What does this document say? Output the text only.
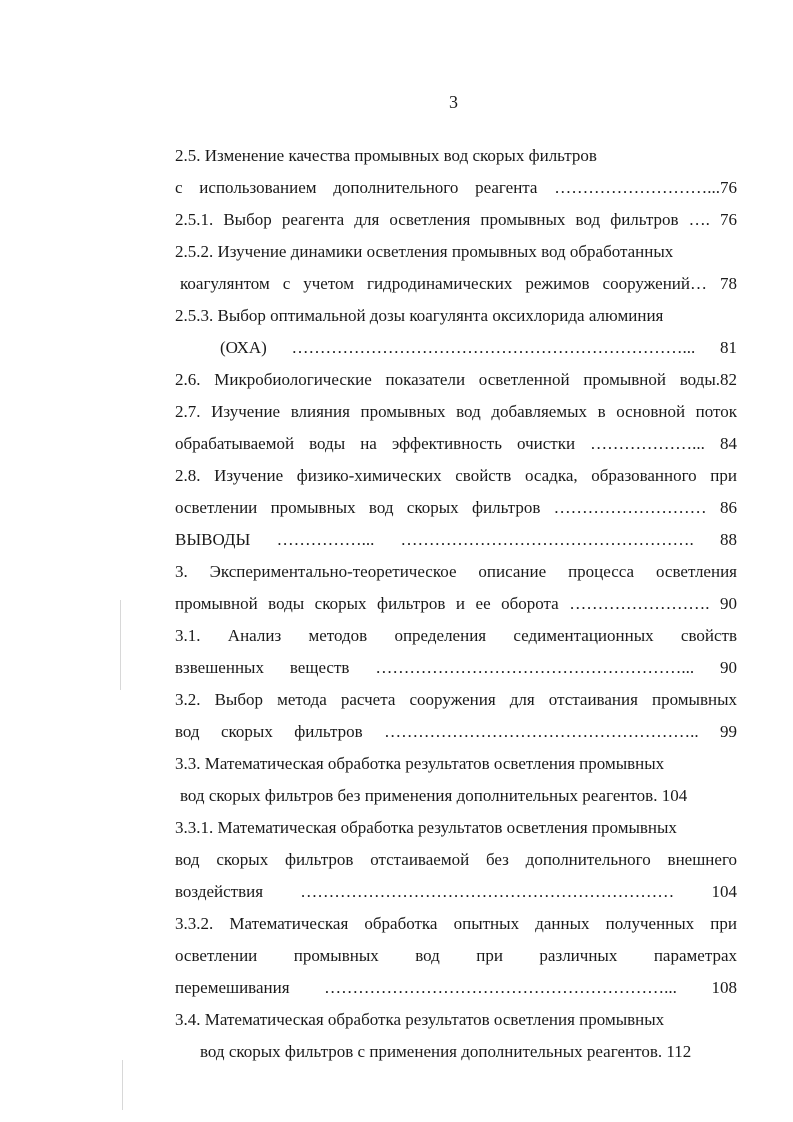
3
2.5. Изменение качества промывных вод скорых фильтров
с использованием дополнительного реагента ………………………...76
2.5.1. Выбор реагента для осветления промывных вод фильтров …. 76
2.5.2. Изучение динамики осветления промывных вод обработанных
коагулянтом с учетом гидродинамических режимов сооружений… 78
2.5.3. Выбор оптимальной дозы коагулянта оксихлорида алюминия
(ОХА) ……………………………………………………………... 81
2.6. Микробиологические показатели осветленной промывной воды.82
2.7. Изучение влияния промывных вод добавляемых в основной поток
обрабатываемой воды на эффективность очистки ………………... 84
2.8. Изучение физико-химических свойств осадка, образованного при
осветлении промывных вод скорых фильтров ……………………… 86
ВЫВОДЫ ……………... ……………………………………………. 88
3. Экспериментально-теоретическое описание процесса осветления
промывной воды скорых фильтров и ее оборота ……………………. 90
3.1. Анализ методов определения седиментационных свойств
взвешенных веществ ………………………………………………... 90
3.2. Выбор метода расчета сооружения для отстаивания промывных
вод скорых фильтров ……………………………………………….. 99
3.3. Математическая обработка результатов осветления промывных
вод скорых фильтров без применения дополнительных реагентов. 104
3.3.1. Математическая обработка результатов осветления промывных
вод скорых фильтров отстаиваемой без дополнительного внешнего
воздействия ………………………………………………………… 104
3.3.2. Математическая обработка опытных данных полученных при
осветлении промывных вод при различных параметрах
перемешивания ……………………………………………………... 108
3.4. Математическая обработка результатов осветления промывных
вод скорых фильтров с применения дополнительных реагентов. 112
